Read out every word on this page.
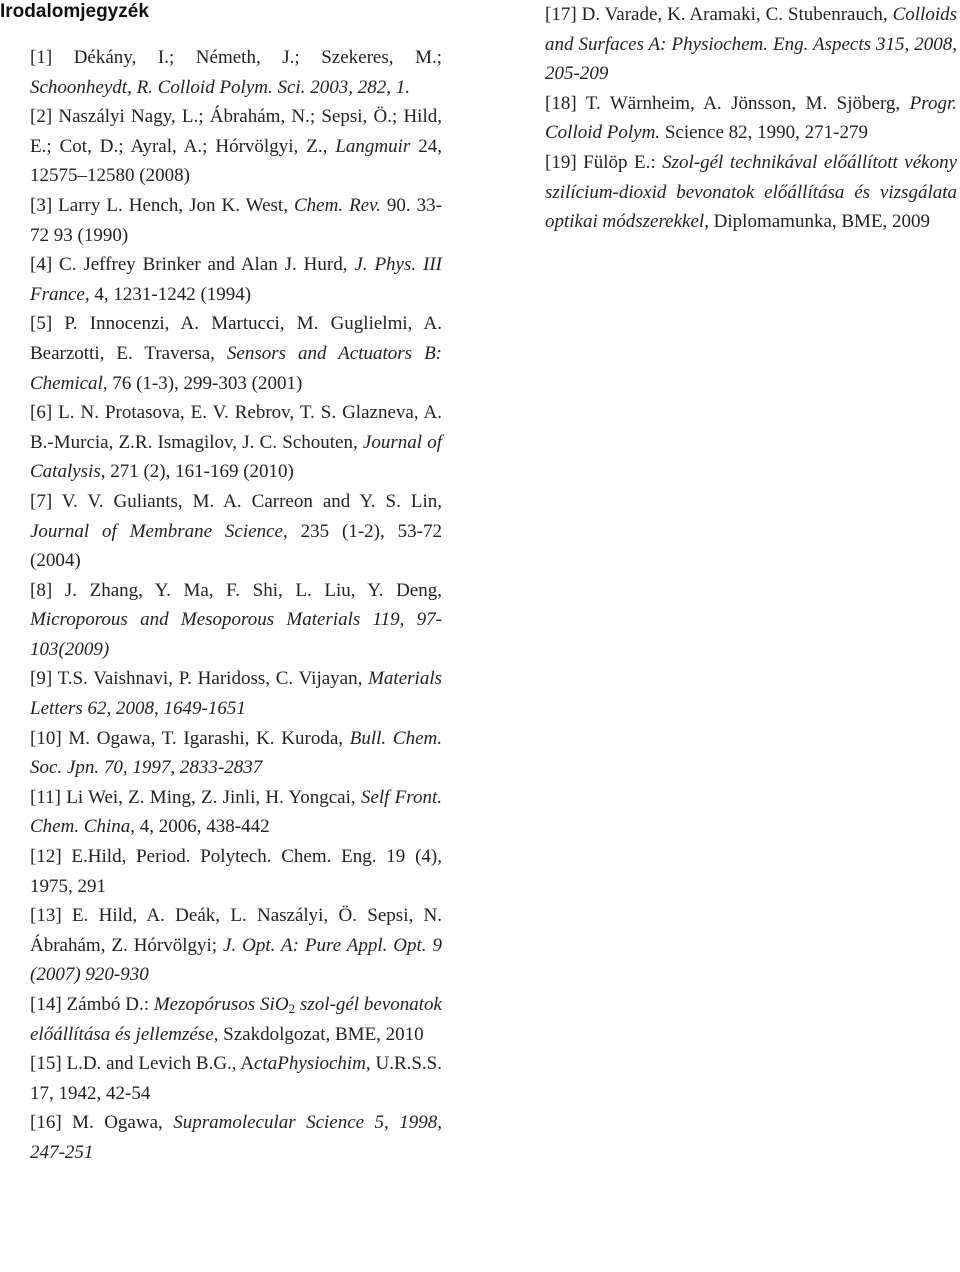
Irodalomjegyzék

[1] Dékány, I.; Németh, J.; Szekeres, M.; Schoonheydt, R. Colloid Polym. Sci. 2003, 282, 1.

[2] Naszályi Nagy, L.; Ábrahám, N.; Sepsi, Ö.; Hild, E.; Cot, D.; Ayral, A.; Hórvölgyi, Z., Langmuir 24, 12575–12580 (2008)

[3] Larry L. Hench, Jon K. West, Chem. Rev. 90. 33-72 93 (1990)

[4] C. Jeffrey Brinker and Alan J. Hurd, J. Phys. III France, 4, 1231-1242 (1994)

[5] P. Innocenzi, A. Martucci, M. Guglielmi, A. Bearzotti, E. Traversa, Sensors and Actuators B: Chemical, 76 (1-3), 299-303 (2001)

[6] L. N. Protasova, E. V. Rebrov, T. S. Glazneva, A. B.-Murcia, Z.R. Ismagilov, J. C. Schouten, Journal of Catalysis, 271 (2), 161-169 (2010)

[7] V. V. Guliants, M. A. Carreon and Y. S. Lin, Journal of Membrane Science, 235 (1-2), 53-72 (2004)

[8] J. Zhang, Y. Ma, F. Shi, L. Liu, Y. Deng, Microporous and Mesoporous Materials 119, 97-103(2009)

[9] T.S. Vaishnavi, P. Haridoss, C. Vijayan, Materials Letters 62, 2008, 1649-1651

[10] M. Ogawa, T. Igarashi, K. Kuroda, Bull. Chem. Soc. Jpn. 70, 1997, 2833-2837

[11] Li Wei, Z. Ming, Z. Jinli, H. Yongcai, Self Front. Chem. China, 4, 2006, 438-442

[12] E.Hild, Period. Polytech. Chem. Eng. 19 (4), 1975, 291

[13] E. Hild, A. Deák, L. Naszályi, Ö. Sepsi, N. Ábrahám, Z. Hórvölgyi; J. Opt. A: Pure Appl. Opt. 9 (2007) 920-930

[14] Zámbó D.: Mezopórusos SiO$_2$ szol-gél bevonatok előállítása és jellemzése, Szakdolgozat, BME, 2010

[15] L.D. and Levich B.G., ActaPhysiochim, U.R.S.S. 17, 1942, 42-54

[16] M. Ogawa, Supramolecular Science 5, 1998, 247-251

[17] D. Varade, K. Aramaki, C. Stubenrauch, Colloids and Surfaces A: Physiochem. Eng. Aspects 315, 2008, 205-209

[18] T. Wärnheim, A. Jönsson, M. Sjöberg, Progr. Colloid Polym. Science 82, 1990, 271-279

[19] Fülöp E.: Szol-gél technikával előállított vékony szilícium-dioxid bevonatok előállítása és vizsgálata optikai módszerekkel, Diplomamunka, BME, 2009
